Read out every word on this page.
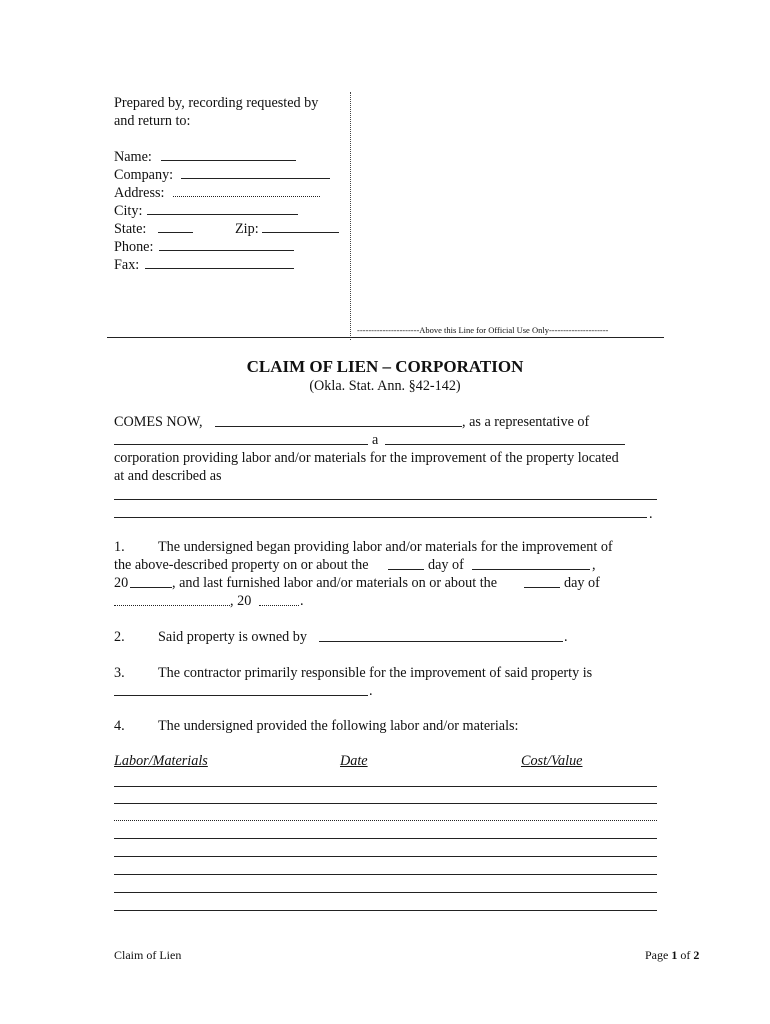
Prepared by, recording requested by
and return to:
Name:
Company:
Address:
City:
State:	Zip:
Phone:
Fax:
----------------------Above this Line for Official Use Only---------------------
CLAIM OF LIEN – CORPORATION
(Okla. Stat. Ann. §42-142)
COMES NOW,	, as a representative of
a
corporation providing labor and/or materials for the improvement of the property located
at and described as
.
1. The undersigned began providing labor and/or materials for the improvement of
the above-described property on or about the	day of	,
20	, and last furnished labor and/or materials on or about the	day of
, 20	.
2. Said property is owned by	.
3. The contractor primarily responsible for the improvement of said property is
.
4. The undersigned provided the following labor and/or materials:
Labor/Materials	Date	Cost/Value
Claim of Lien	Page 1 of 2
